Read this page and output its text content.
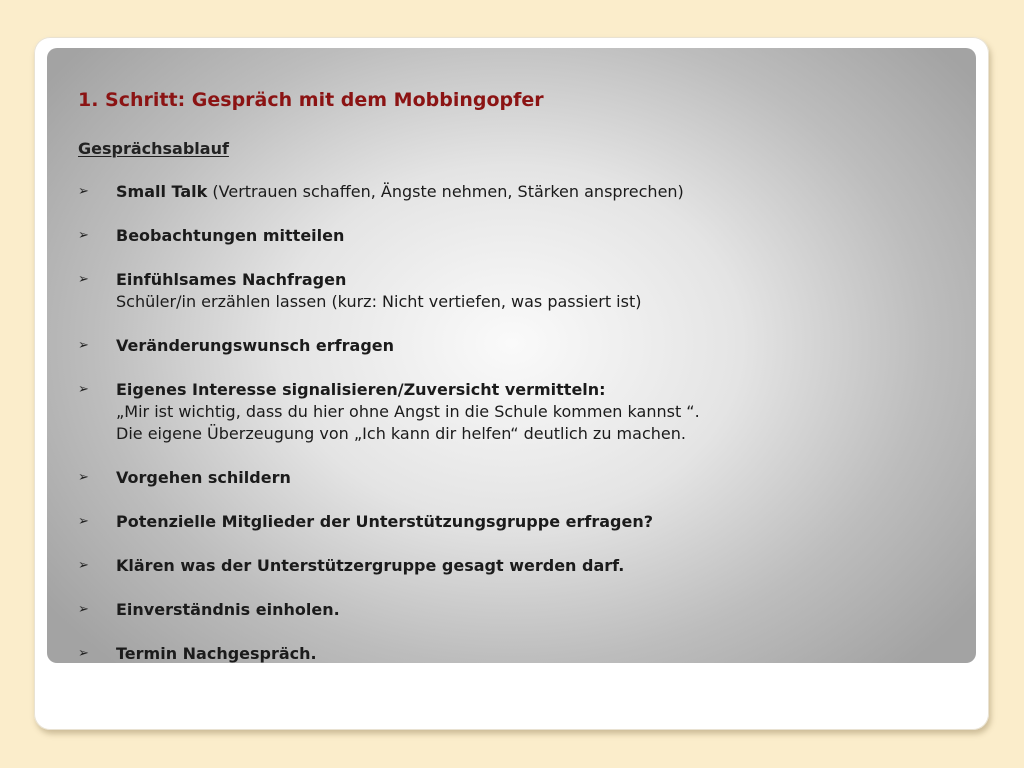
1. Schritt: Gespräch mit dem Mobbingopfer
Gesprächsablauf
➢ Small Talk (Vertrauen schaffen, Ängste nehmen, Stärken ansprechen)
➢ Beobachtungen mitteilen
➢ Einfühlsames Nachfragen
Schüler/in erzählen lassen (kurz: Nicht vertiefen, was passiert ist)
➢ Veränderungswunsch erfragen
➢ Eigenes Interesse signalisieren/Zuversicht vermitteln:
„Mir ist wichtig, dass du hier ohne Angst in die Schule kommen kannst “.
Die eigene Überzeugung von „Ich kann dir helfen“ deutlich zu machen.
➢ Vorgehen schildern
➢ Potenzielle Mitglieder der Unterstützungsgruppe erfragen?
➢ Klären was der Unterstützergruppe gesagt werden darf.
➢ Einverständnis einholen.
➢ Termin Nachgespräch.
